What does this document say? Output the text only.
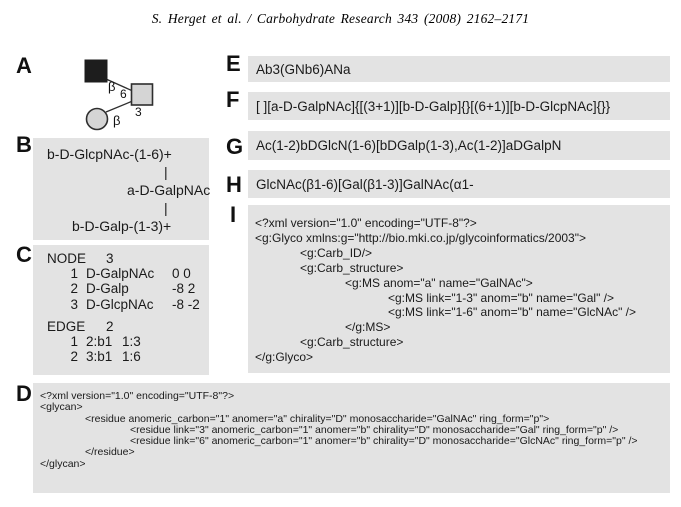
S. Herget et al. / Carbohydrate Research 343 (2008) 2162–2171
A
β 6
3
β
B	b-D-GlcpNAc-(1-6)+
|
a-D-GalpNAc
|
b-D-Galp-(1-3)+
C	NODE 3
1 D-GalpNAc 0 0
2 D-Galp	-8 2
3 D-GlcpNAc -8 -2
EDGE 2
1 2:b1 1:3
2 3:b1 1:6
D <?xml version="1.0" encoding="UTF-8"?>
<glycan>
<residue anomeric_carbon="1" anomer="a" chirality="D" monosaccharide="GalNAc" ring_form="p">
<residue link="3" anomeric_carbon="1" anomer="b" chirality="D" monosaccharide="Gal" ring_form="p" />
<residue link="6" anomeric_carbon="1" anomer="b" chirality="D" monosaccharide="GlcNAc" ring_form="p" />
</residue>
</glycan>
E Ab3(GNb6)ANa
F [ ][a-D-GalpNAc]{[(3+1)][b-D-Galp]{}[(6+1)][b-D-GlcpNAc]{}}
G Ac(1-2)bDGlcN(1-6)[bDGalp(1-3),Ac(1-2)]aDGalpN
H GlcNAc(β1-6)[Gal(β1-3)]GalNAc(α1-
I <?xml version="1.0" encoding="UTF-8"?>
<g:Glyco xmlns:g="http://bio.mki.co.jp/glycoinformatics/2003">
<g:Carb_ID/>
<g:Carb_structure>
<g:MS anom="a" name="GalNAc">
<g:MS link="1-3" anom="b" name="Gal" />
<g:MS link="1-6" anom="b" name="GlcNAc" />
</g:MS>
<g:Carb_structure>
</g:Glyco>
